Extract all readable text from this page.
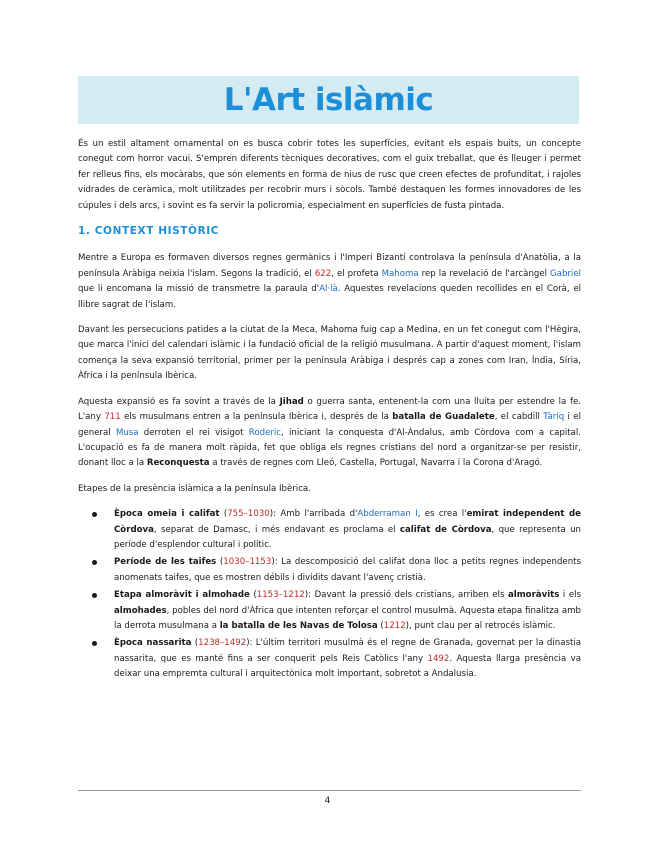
L'Art islàmic

És un estil altament ornamental on es busca cobrir totes les superfícies, evitant els espais buits, un concepte conegut com horror vacui. S'empren diferents tècniques decoratives, com el guix treballat, que és lleuger i permet fer relleus fins, els mocàrabs, que són elements en forma de nius de rusc que creen efectes de profunditat, i rajoles vidrades de ceràmica, molt utilitzades per recobrir murs i sòcols. També destaquen les formes innovadores de les cúpules i dels arcs, i sovint es fa servir la policromia, especialment en superfícies de fusta pintada.

1. CONTEXT HISTÒRIC

Mentre a Europa es formaven diversos regnes germànics i l'Imperi Bizantí controlava la península d'Anatòlia, a la península Aràbiga neixia l'islam. Segons la tradició, el 622, el profeta Mahoma rep la revelació de l'arcàngel Gabriel que li encomana la missió de transmetre la paraula d'Al·là. Aquestes revelacions queden recollides en el Corà, el llibre sagrat de l'islam.

Davant les persecucions patides a la ciutat de la Meca, Mahoma fuig cap a Medina, en un fet conegut com l'Hègira, que marca l'inici del calendari islàmic i la fundació oficial de la religió musulmana. A partir d'aquest moment, l'islam comença la seva expansió territorial, primer per la península Aràbiga i després cap a zones com Iran, Índia, Síria, Àfrica i la península Ibèrica.

Aquesta expansió es fa sovint a través de la Jihad o guerra santa, entenent-la com una lluita per estendre la fe. L'any 711 els musulmans entren a la península Ibèrica i, després de la batalla de Guadalete, el cabdill Tàriq i el general Musa derroten el rei visigot Roderic, iniciant la conquesta d'Al-Àndalus, amb Còrdova com a capital. L'ocupació es fa de manera molt ràpida, fet que obliga els regnes cristians del nord a organitzar-se per resistir, donant lloc a la Reconquesta a través de regnes com Lleó, Castella, Portugal, Navarra i la Corona d'Aragó.

Etapes de la presència islàmica a la península Ibèrica.

Època omeia i califat (755–1030): Amb l'arribada d'Abderraman I, es crea l'emirat independent de Còrdova, separat de Damasc, i més endavant es proclama el califat de Còrdova, que representa un període d'esplendor cultural i polític.
Període de les taifes (1030–1153): La descomposició del califat dona lloc a petits regnes independents anomenats taifes, que es mostren débils i dividits davant l'avenç cristià.
Etapa almoràvit i almohade (1153–1212): Davant la pressió dels cristians, arriben els almoràvits i els almohades, pobles del nord d'Àfrica que intenten reforçar el control musulmà. Aquesta etapa finalitza amb la derrota musulmana a la batalla de les Navas de Tolosa (1212), punt clau per al retrocés islàmic.
Època nassarita (1238–1492): L'últim territori musulmà és el regne de Granada, governat per la dinastia nassarita, que es manté fins a ser conquerit pels Reis Catòlics l'any 1492. Aquesta llarga presència va deixar una empremta cultural i arquitectònica molt important, sobretot a Andalusia.
4
